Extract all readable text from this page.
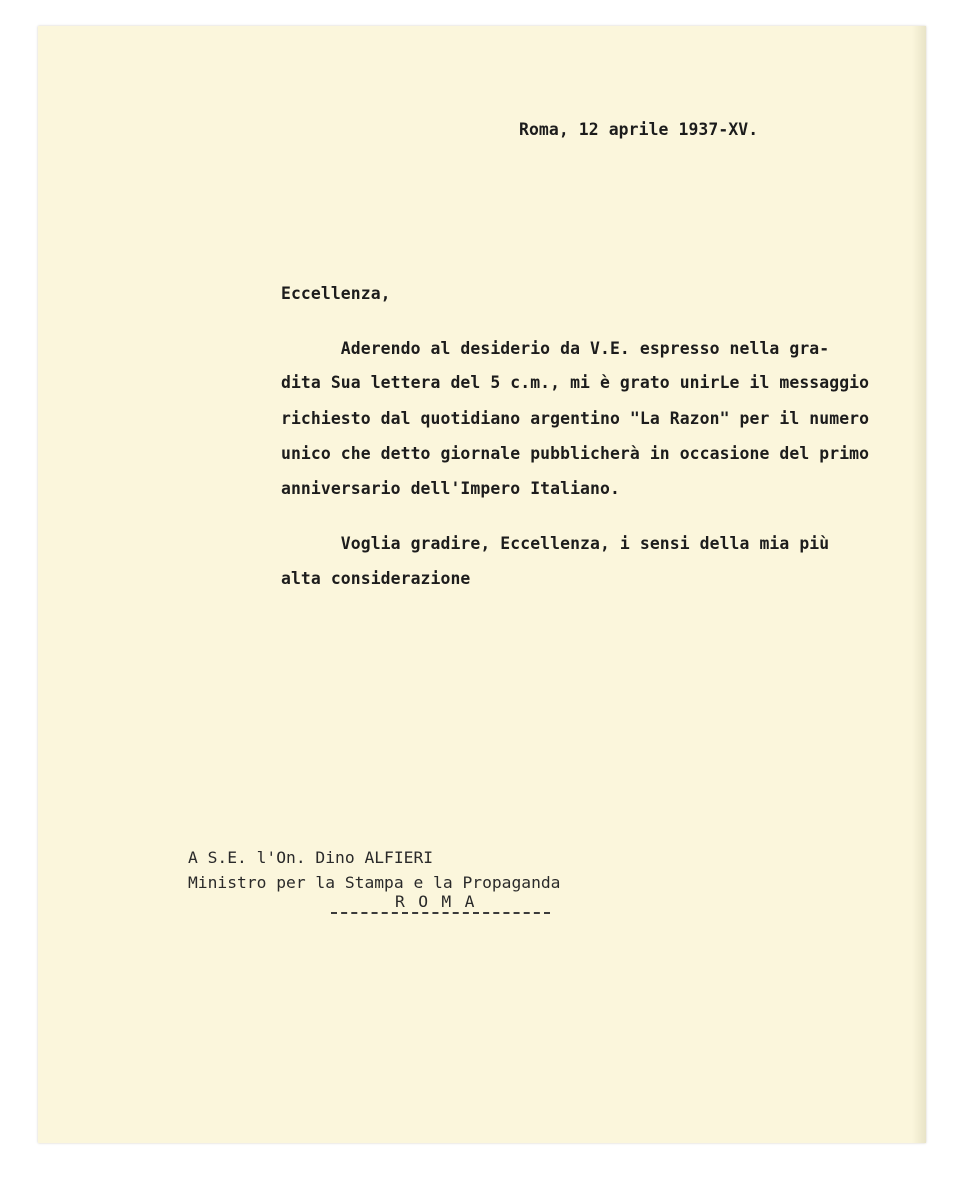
Roma, 12 aprile 1937-XV.

Eccellenza,

Aderendo al desiderio da V.E. espresso nella gra-

dita Sua lettera del 5 c.m., mi è grato unirLe il messaggio

richiesto dal quotidiano argentino "La Razon" per il numero

unico che detto giornale pubblicherà in occasione del primo

anniversario dell'Impero Italiano.

Voglia gradire, Eccellenza, i sensi della mia più

alta considerazione

A S.E. l'On. Dino ALFIERI

Ministro per la Stampa e la Propaganda

R O M A
